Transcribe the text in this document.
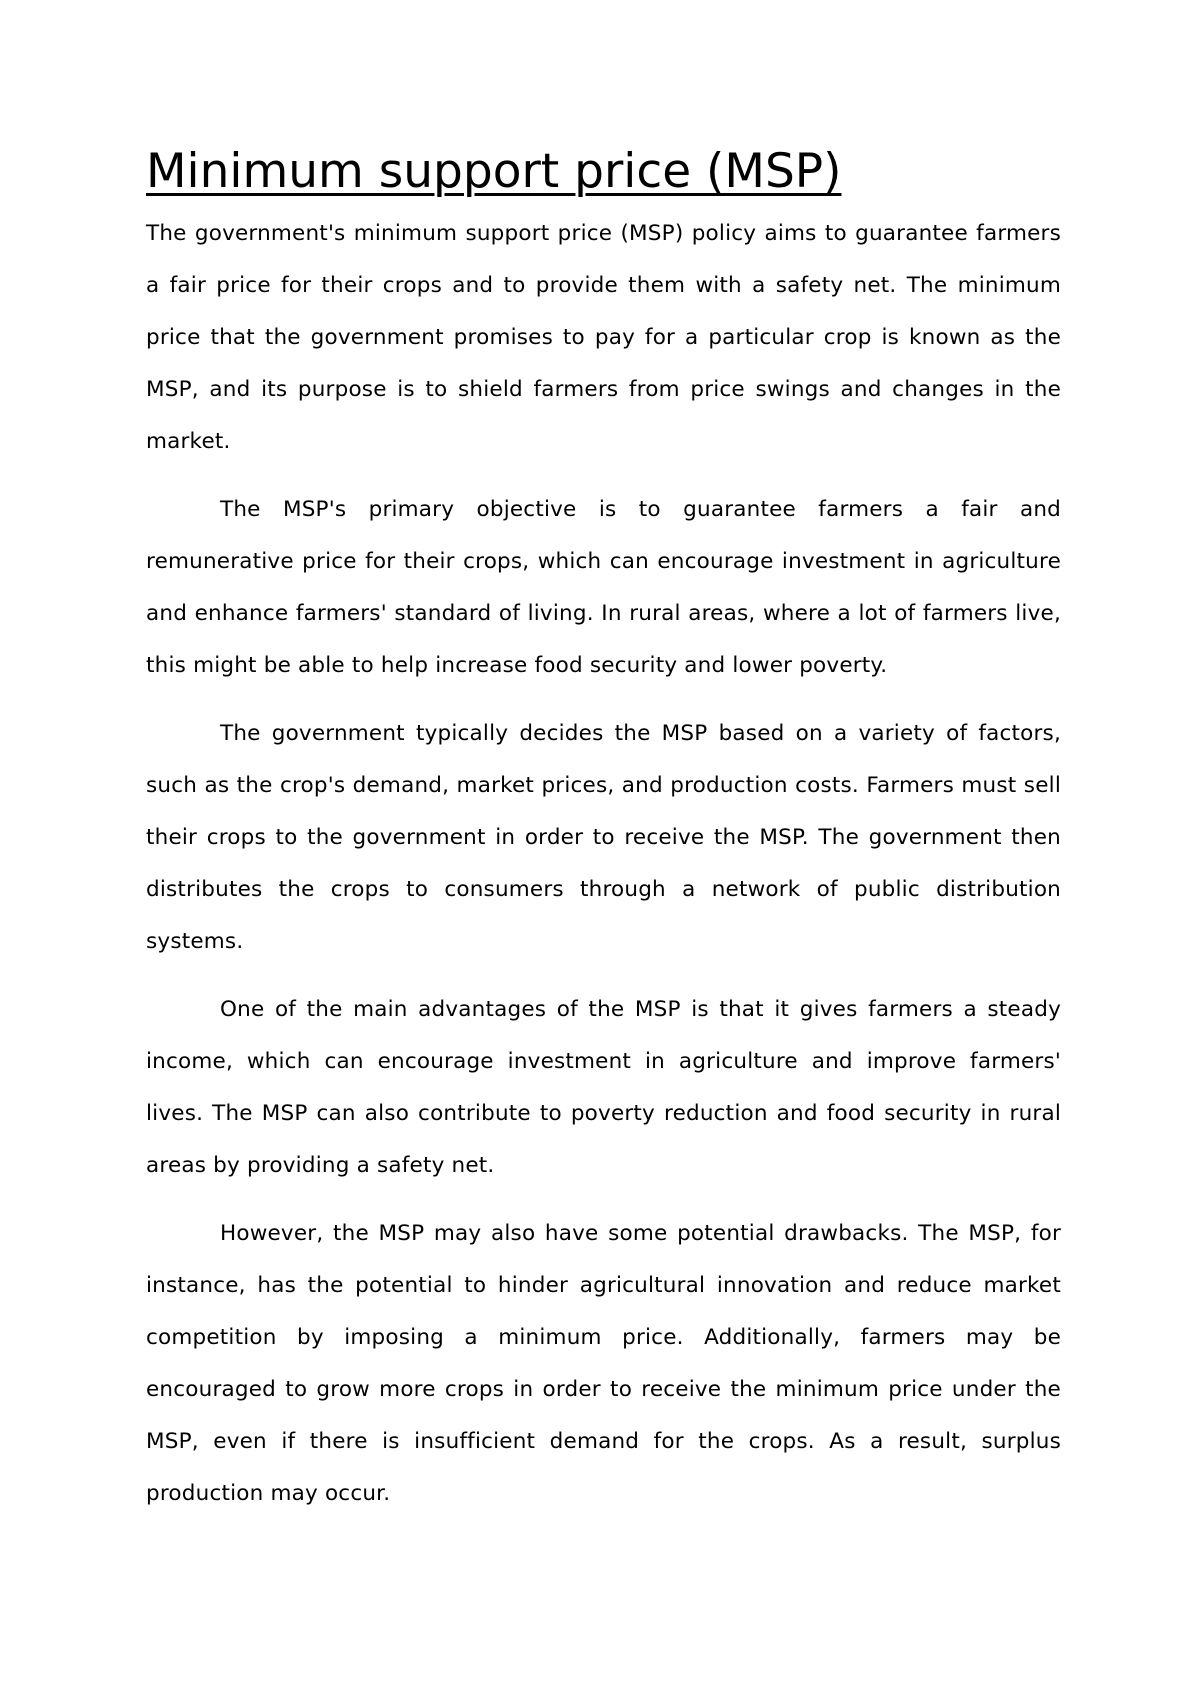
Minimum support price (MSP)

The government's minimum support price (MSP) policy aims to guarantee farmers a fair price for their crops and to provide them with a safety net. The minimum price that the government promises to pay for a particular crop is known as the MSP, and its purpose is to shield farmers from price swings and changes in the market.

The MSP's primary objective is to guarantee farmers a fair and remunerative price for their crops, which can encourage investment in agriculture and enhance farmers' standard of living. In rural areas, where a lot of farmers live, this might be able to help increase food security and lower poverty.

The government typically decides the MSP based on a variety of factors, such as the crop's demand, market prices, and production costs. Farmers must sell their crops to the government in order to receive the MSP. The government then distributes the crops to consumers through a network of public distribution systems.

One of the main advantages of the MSP is that it gives farmers a steady income, which can encourage investment in agriculture and improve farmers' lives. The MSP can also contribute to poverty reduction and food security in rural areas by providing a safety net.

However, the MSP may also have some potential drawbacks. The MSP, for instance, has the potential to hinder agricultural innovation and reduce market competition by imposing a minimum price. Additionally, farmers may be encouraged to grow more crops in order to receive the minimum price under the MSP, even if there is insufficient demand for the crops. As a result, surplus production may occur.
